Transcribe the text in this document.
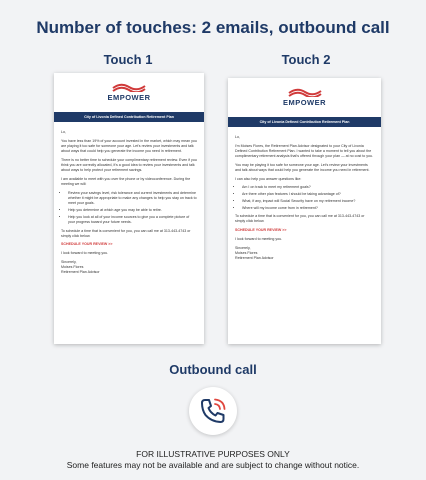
Number of touches: 2 emails, outbound call
Touch 1	Touch 2
EMPOWER
City of Livonia Defined Contribution Retirement Plan

Lo,

You have less than 19% of your account invested in the market, which may mean you are playing it too safe for someone your age. Let's review your investments and talk about ways that could help you generate the income you need in retirement.

There is no better time to schedule your complimentary retirement review. Even if you think you are correctly allocated, it's a good idea to review your investments and talk about ways to help protect your retirement savings.

I am available to meet with you over the phone or by videoconference. During the meeting we will:

• Review your savings level, risk tolerance and current investments and determine whether it might be appropriate to make any changes to help you stay on track to meet your goals.
• Help you determine at which age you may be able to retire.
• Help you look at all of your income sources to give you a complete picture of your progress toward your future needs.

To schedule a time that is convenient for you, you can call me at 313-443-4743 or simply click below.

SCHEDULE YOUR REVIEW >>

I look forward to meeting you.

Sincerely,

Moises Flores

Retirement Plan Advisor

EMPOWER
City of Livonia Defined Contribution Retirement Plan

Lo,

I'm Moises Flores, the Retirement Plan Advisor designated to your City of Livonia Defined Contribution Retirement Plan. I wanted to take a moment to tell you about the complimentary retirement analysis that's offered through your plan — at no cost to you.

You may be playing it too safe for someone your age. Let's review your investments and talk about ways that could help you generate the income you need in retirement.

I can also help you answer questions like:

• Am I on track to meet my retirement goals?
• Are there other plan features I should be taking advantage of?
• What, if any, impact will Social Security have on my retirement income?
• Where will my income come from in retirement?

To schedule a time that is convenient for you, you can call me at 313-443-4743 or simply click below.

SCHEDULE YOUR REVIEW >>

I look forward to meeting you.

Sincerely,

Moises Flores

Retirement Plan Advisor

Outbound call
FOR ILLUSTRATIVE PURPOSES ONLY
Some features may not be available and are subject to change without notice.
